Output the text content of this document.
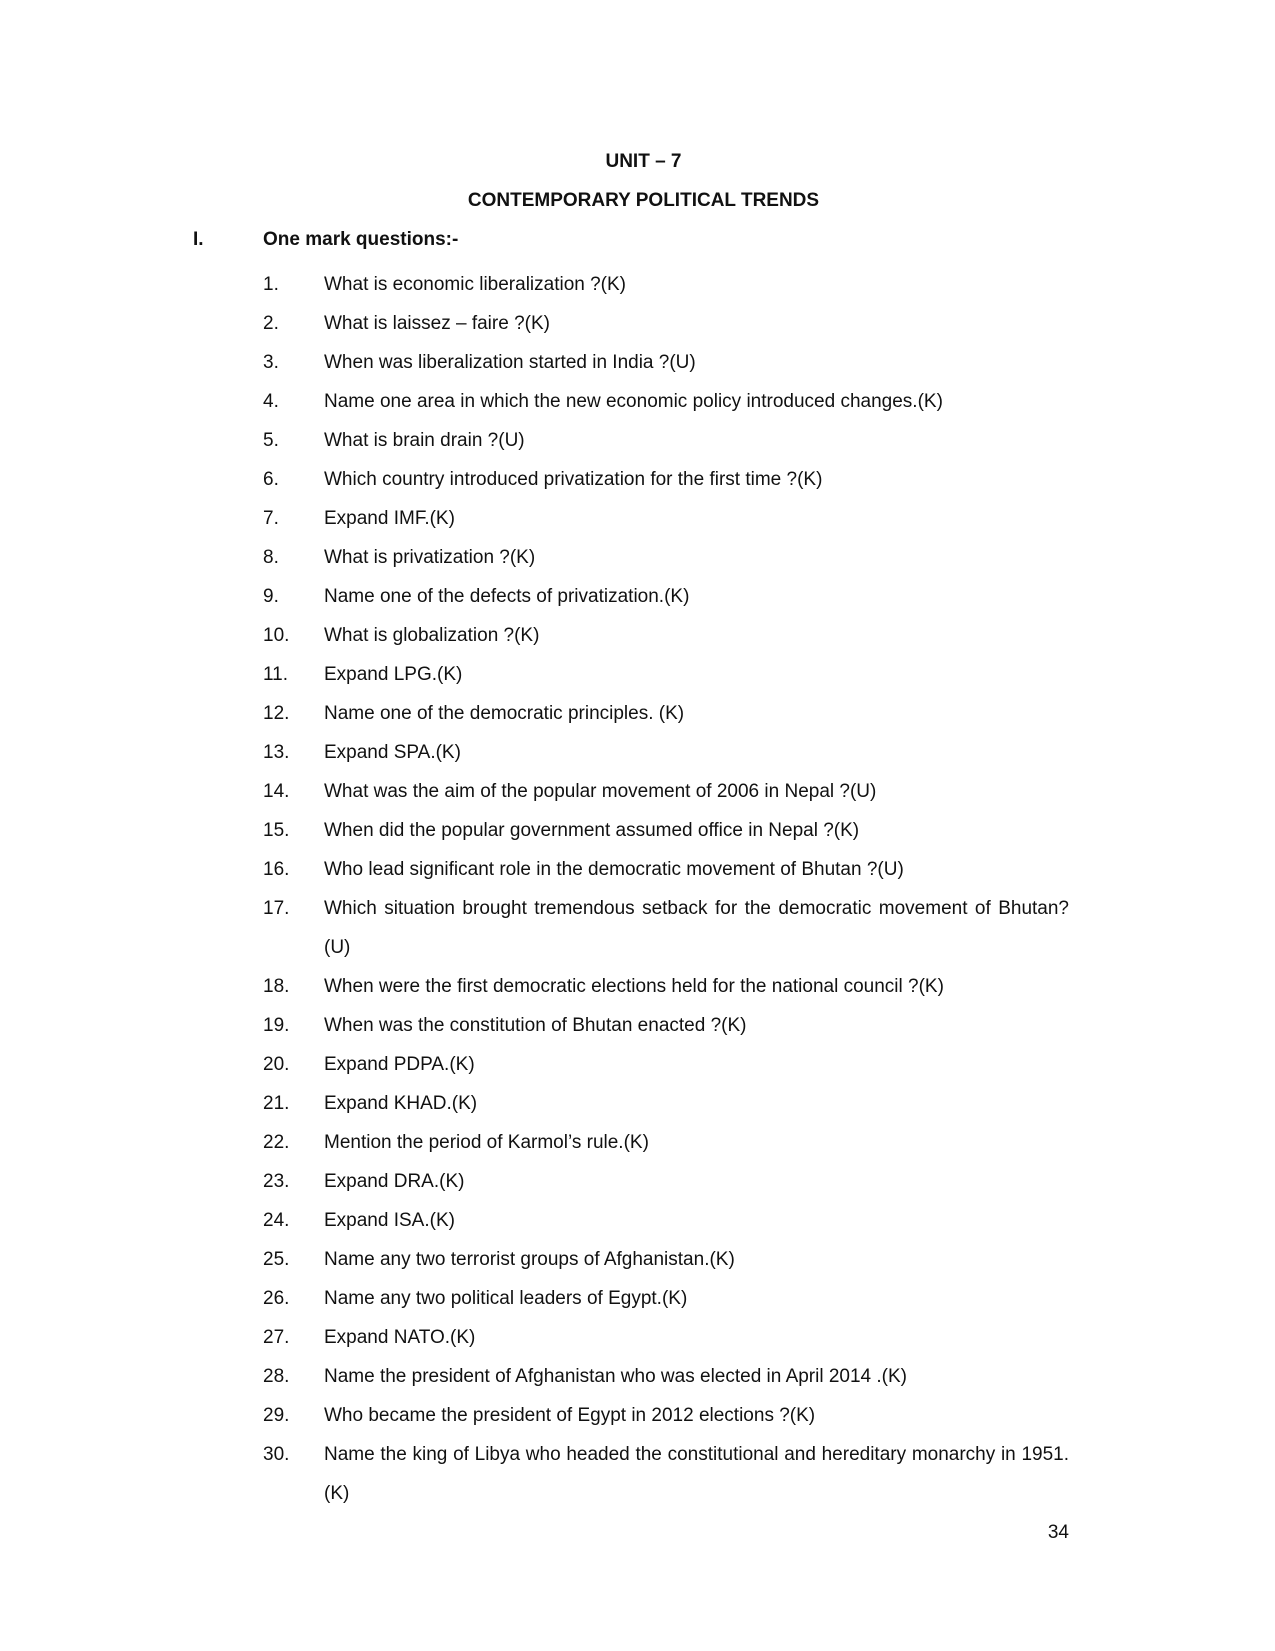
UNIT – 7
CONTEMPORARY POLITICAL TRENDS
I.	One mark questions:-
1.	What is economic liberalization ?(K)
2.	What is laissez – faire ?(K)
3.	When was liberalization started in India ?(U)
4.	Name one area in which the new economic policy introduced changes.(K)
5.	What is brain drain ?(U)
6.	Which country introduced privatization for the first time ?(K)
7.	Expand IMF.(K)
8.	What is privatization ?(K)
9.	Name one of the defects of privatization.(K)
10.	What is globalization ?(K)
11.	Expand LPG.(K)
12.	Name one of the democratic principles. (K)
13.	Expand SPA.(K)
14.	What was the aim of the popular movement of 2006 in Nepal ?(U)
15.	When did the popular government assumed office in Nepal ?(K)
16.	Who lead significant role in the democratic movement of Bhutan ?(U)
17.	Which situation brought tremendous setback for the democratic movement of Bhutan?(U)
18.	When were the first democratic elections held for the national council ?(K)
19.	When was the constitution of Bhutan enacted ?(K)
20.	Expand PDPA.(K)
21.	Expand KHAD.(K)
22.	Mention the period of Karmol’s rule.(K)
23.	Expand DRA.(K)
24.	Expand ISA.(K)
25.	Name any two terrorist groups of Afghanistan.(K)
26.	Name any two political leaders of Egypt.(K)
27.	Expand NATO.(K)
28.	Name the president of Afghanistan who was elected in April 2014 .(K)
29.	Who became the president of Egypt in 2012 elections ?(K)
30.	Name the king of Libya who headed the constitutional and hereditary monarchy in 1951.(K)
34
